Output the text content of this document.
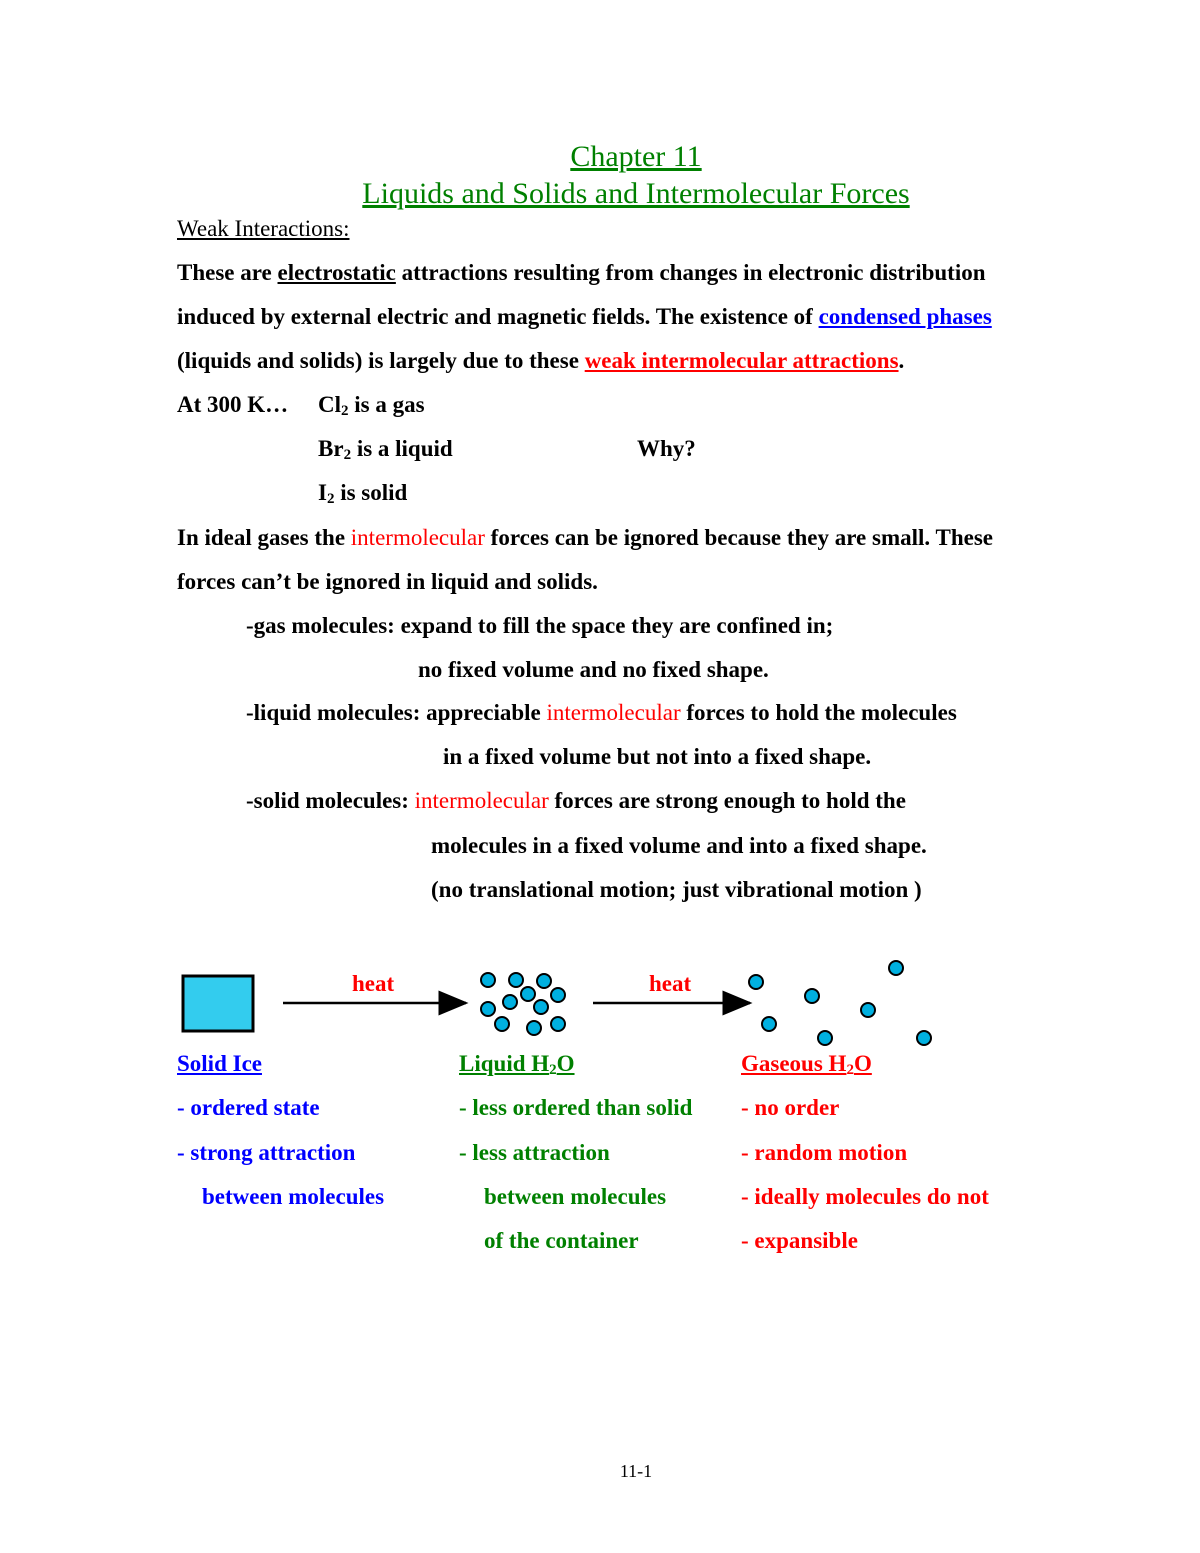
Chapter 11
Liquids and Solids and Intermolecular Forces
Weak Interactions:
These are electrostatic attractions resulting from changes in electronic distribution
induced by external electric and magnetic fields. The existence of condensed phases
(liquids and solids) is largely due to these weak intermolecular attractions.
At 300 K… $Cl_2$ is a gas
$Br_2$ is a liquid	Why?
$I_2$ is solid
In ideal gases the intermolecular forces can be ignored because they are small. These
forces can’t be ignored in liquid and solids.
-gas molecules: expand to fill the space they are confined in;
no fixed volume and no fixed shape.
-liquid molecules: appreciable intermolecular forces to hold the molecules
in a fixed volume but not into a fixed shape.
-solid molecules: intermolecular forces are strong enough to hold the
molecules in a fixed volume and into a fixed shape.
(no translational motion; just vibrational motion )
heat	heat
Solid Ice
- ordered state
- strong attraction
between molecules
Liquid $H_2O$
- less ordered than solid
- less attraction
between molecules
of the container
Gaseous $H_2O$
- no order
- random motion
- ideally molecules do not
- expansible
11-1
